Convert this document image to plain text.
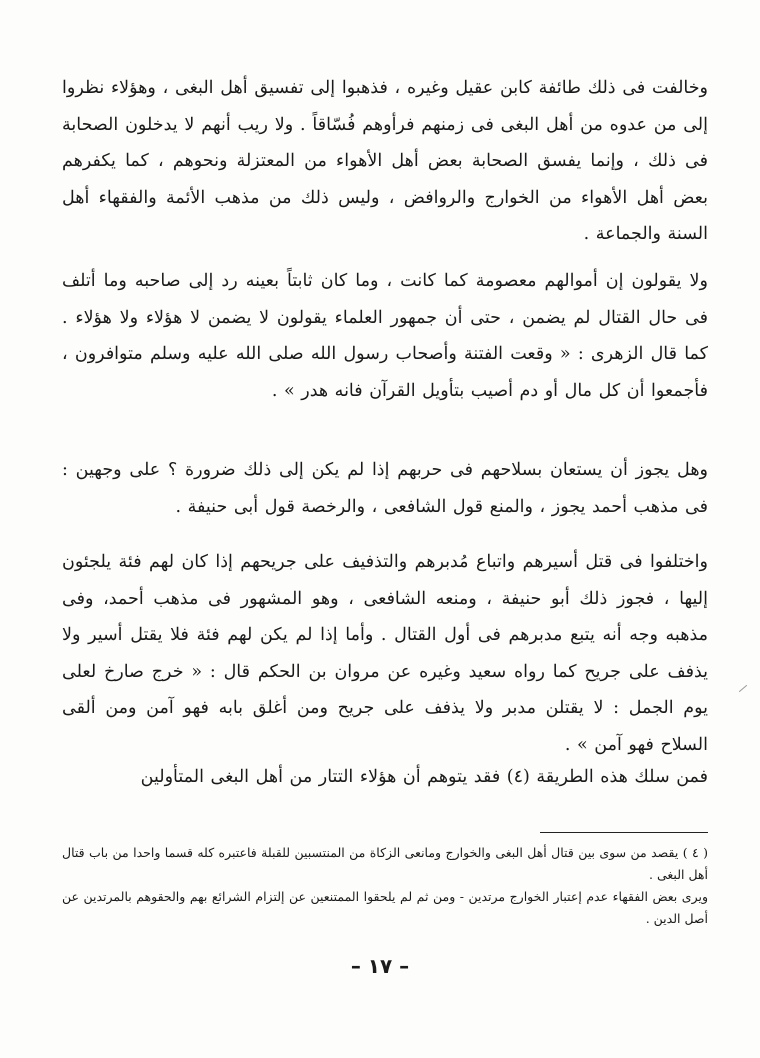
وخالفت فى ذلك طائفة كابن عقيل وغيره ، فذهبوا إلى تفسيق أهل البغى ، وهؤلاء نظروا إلى من عدوه من أهل البغى فى زمنهم فرأوهم فُسّاقاً . ولا ريب أنهم لا يدخلون الصحابة فى ذلك ، وإنما يفسق الصحابة بعض أهل الأهواء من المعتزلة ونحوهم ، كما يكفرهم بعض أهل الأهواء من الخوارج والروافض ، وليس ذلك من مذهب الأئمة والفقهاء أهل السنة والجماعة .

ولا يقولون إن أموالهم معصومة كما كانت ، وما كان ثابتاً بعينه رد إلى صاحبه وما أتلف فى حال القتال لم يضمن ، حتى أن جمهور العلماء يقولون لا يضمن لا هؤلاء ولا هؤلاء . كما قال الزهرى : « وقعت الفتنة وأصحاب رسول الله صلى الله عليه وسلم متوافرون ، فأجمعوا أن كل مال أو دم أصيب بتأويل القرآن فانه هدر » .

وهل يجوز أن يستعان بسلاحهم فى حربهم إذا لم يكن إلى ذلك ضرورة ؟ على وجهين : فى مذهب أحمد يجوز ، والمنع قول الشافعى ، والرخصة قول أبى حنيفة .

واختلفوا فى قتل أسيرهم واتباع مُدبرهم والتذفيف على جريحهم إذا كان لهم فئة يلجئون إليها ، فجوز ذلك أبو حنيفة ، ومنعه الشافعى ، وهو المشهور فى مذهب أحمد، وفى مذهبه وجه أنه يتبع مدبرهم فى أول القتال . وأما إذا لم يكن لهم فئة فلا يقتل أسير ولا يذفف على جريح كما رواه سعيد وغيره عن مروان بن الحكم قال : « خرج صارخ لعلى يوم الجمل : لا يقتلن مدبر ولا يذفف على جريح ومن أغلق بابه فهو آمن ومن ألقى السلاح فهو آمن » .

فمن سلك هذه الطريقة (٤) فقد يتوهم أن هؤلاء التتار من أهل البغى المتأولين

( ٤ ) يقصد من سوى بين قتال أهل البغى والخوارج ومانعى الزكاة من المنتسبين للقبلة فاعتبره كله قسما واحدا من باب قتال أهل البغى .

ويرى بعض الفقهاء عدم إعتبار الخوارج مرتدين - ومن ثم لم يلحقوا الممتنعين عن إلتزام الشرائع بهم والحقوهم بالمرتدين عن أصل الدين .

– ١٧ –
